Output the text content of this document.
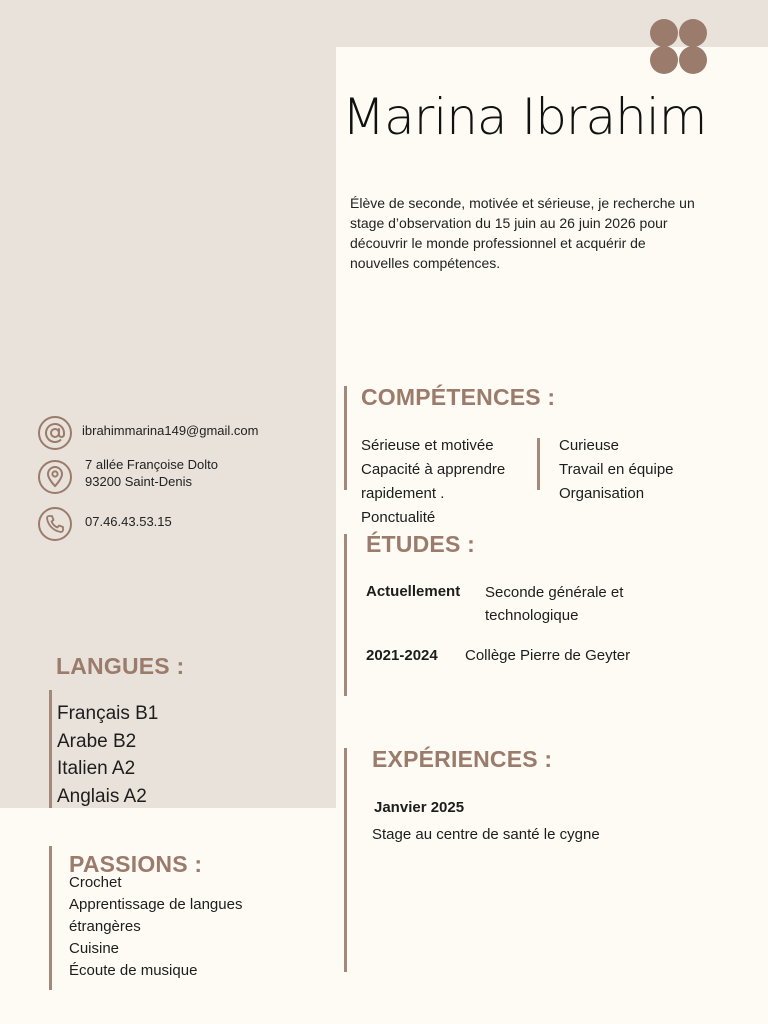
Marina Ibrahim

Élève de seconde, motivée et sérieuse, je recherche un stage d’observation du 15 juin au 26 juin 2026 pour découvrir le monde professionnel et acquérir de nouvelles compétences.

ibrahimmarina149@gmail.com
7 allée Françoise Dolto
93200 Saint-Denis
07.46.43.53.15
COMPÉTENCES :
Sérieuse et motivée
Capacité à apprendre
rapidement .
Ponctualité
Curieuse
Travail en équipe
Organisation
ÉTUDES :
Actuellement Seconde générale et
technologique
2021-2024 Collège Pierre de Geyter
LANGUES :
Français B1
Arabe B2
Italien A2
Anglais A2
EXPÉRIENCES :
Janvier 2025
Stage au centre de santé le cygne
PASSIONS :
Crochet
Apprentissage de langues
étrangères
Cuisine
Écoute de musique
